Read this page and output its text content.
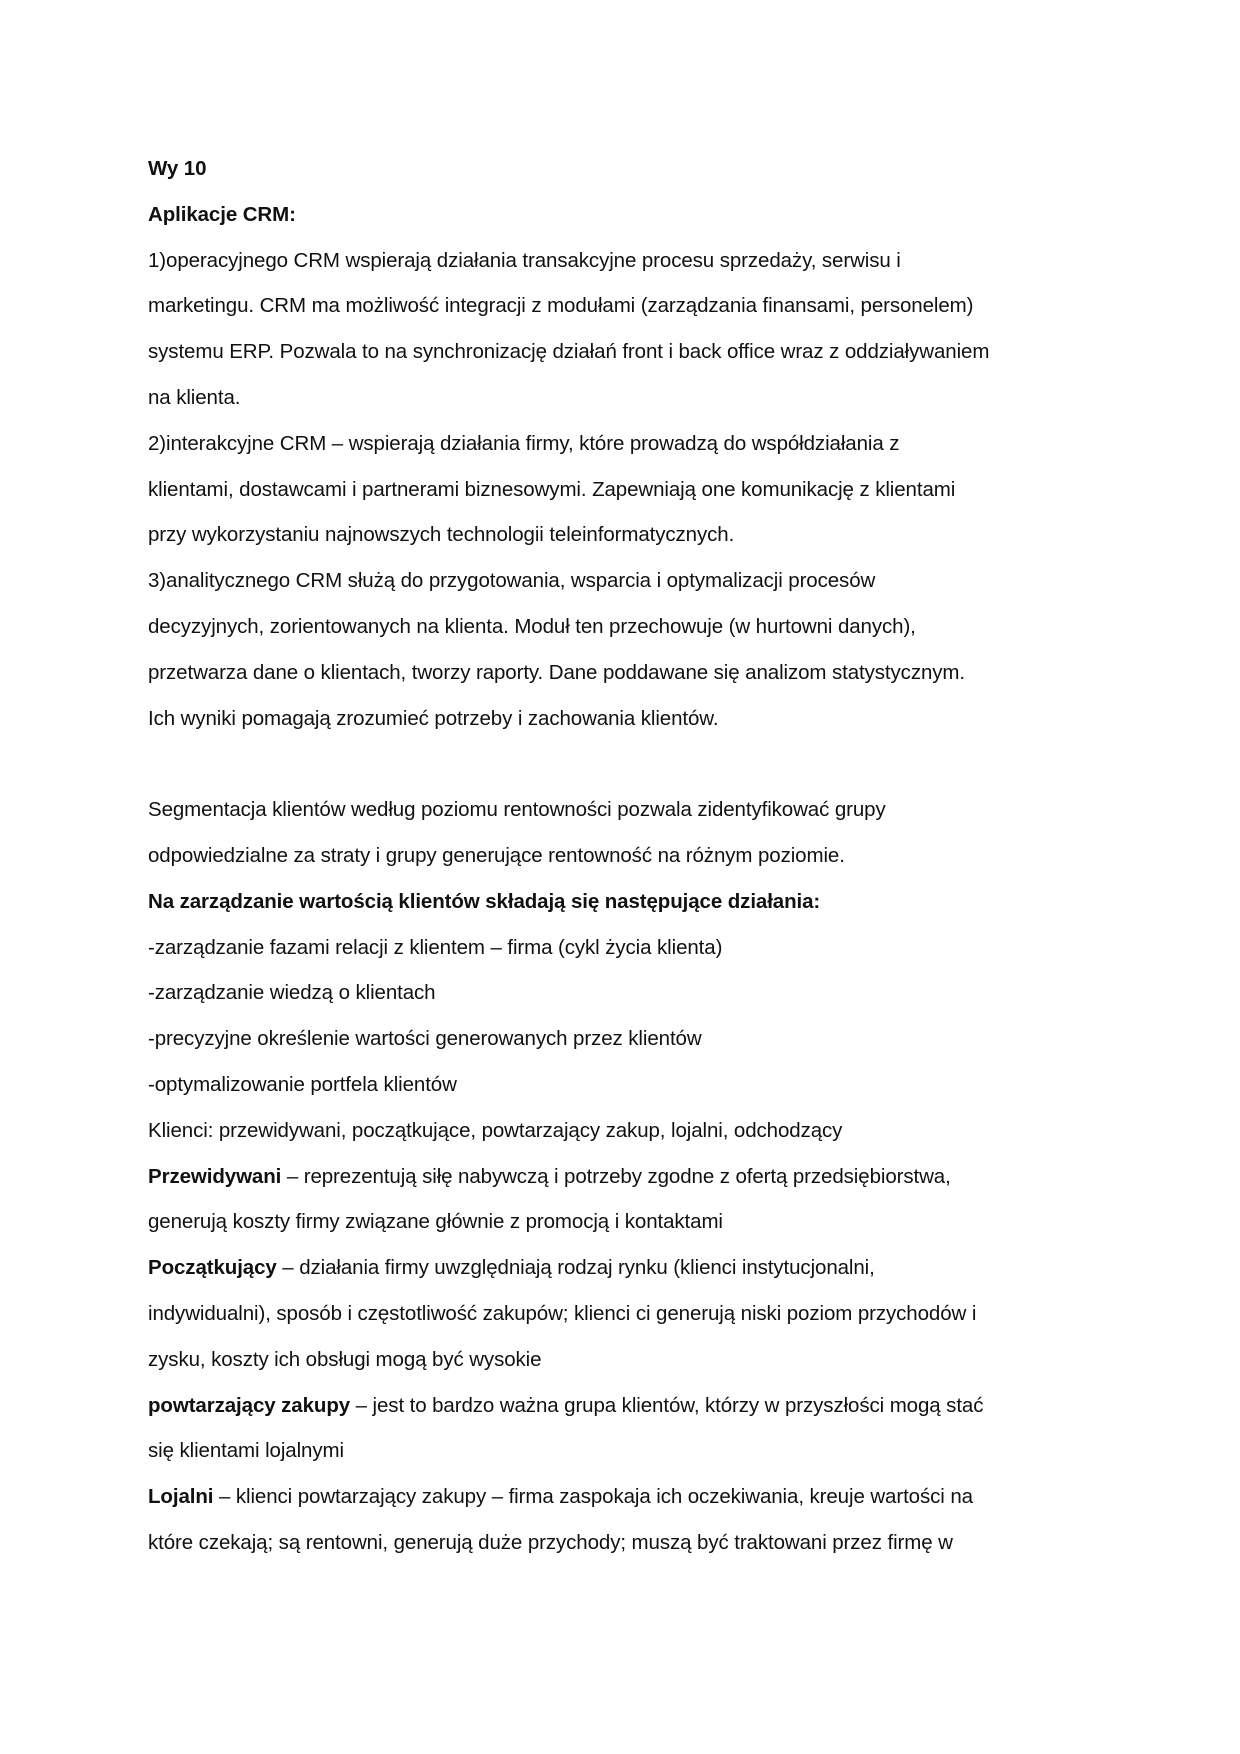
Wy 10
Aplikacje CRM:
1)operacyjnego CRM wspierają działania transakcyjne procesu sprzedaży, serwisu i
marketingu. CRM ma możliwość integracji z modułami (zarządzania finansami, personelem)
systemu ERP. Pozwala to na synchronizację działań front i back office wraz z oddziaływaniem
na klienta.
2)interakcyjne CRM – wspierają działania firmy, które prowadzą do współdziałania z
klientami, dostawcami i partnerami biznesowymi. Zapewniają one komunikację z klientami
przy wykorzystaniu najnowszych technologii teleinformatycznych.
3)analitycznego CRM służą do przygotowania, wsparcia i optymalizacji procesów
decyzyjnych, zorientowanych na klienta. Moduł ten przechowuje (w hurtowni danych),
przetwarza dane o klientach, tworzy raporty. Dane poddawane się analizom statystycznym.
Ich wyniki pomagają zrozumieć potrzeby i zachowania klientów.
Segmentacja klientów według poziomu rentowności pozwala zidentyfikować grupy
odpowiedzialne za straty i grupy generujące rentowność na różnym poziomie.
Na zarządzanie wartością klientów składają się następujące działania:
-zarządzanie fazami relacji z klientem – firma (cykl życia klienta)
-zarządzanie wiedzą o klientach
-precyzyjne określenie wartości generowanych przez klientów
-optymalizowanie portfela klientów
Klienci: przewidywani, początkujące, powtarzający zakup, lojalni, odchodzący
Przewidywani – reprezentują siłę nabywczą i potrzeby zgodne z ofertą przedsiębiorstwa,
generują koszty firmy związane głównie z promocją i kontaktami
Początkujący – działania firmy uwzględniają rodzaj rynku (klienci instytucjonalni,
indywidualni), sposób i częstotliwość zakupów; klienci ci generują niski poziom przychodów i
zysku, koszty ich obsługi mogą być wysokie
powtarzający zakupy – jest to bardzo ważna grupa klientów, którzy w przyszłości mogą stać
się klientami lojalnymi
Lojalni – klienci powtarzający zakupy – firma zaspokaja ich oczekiwania, kreuje wartości na
które czekają; są rentowni, generują duże przychody; muszą być traktowani przez firmę w
